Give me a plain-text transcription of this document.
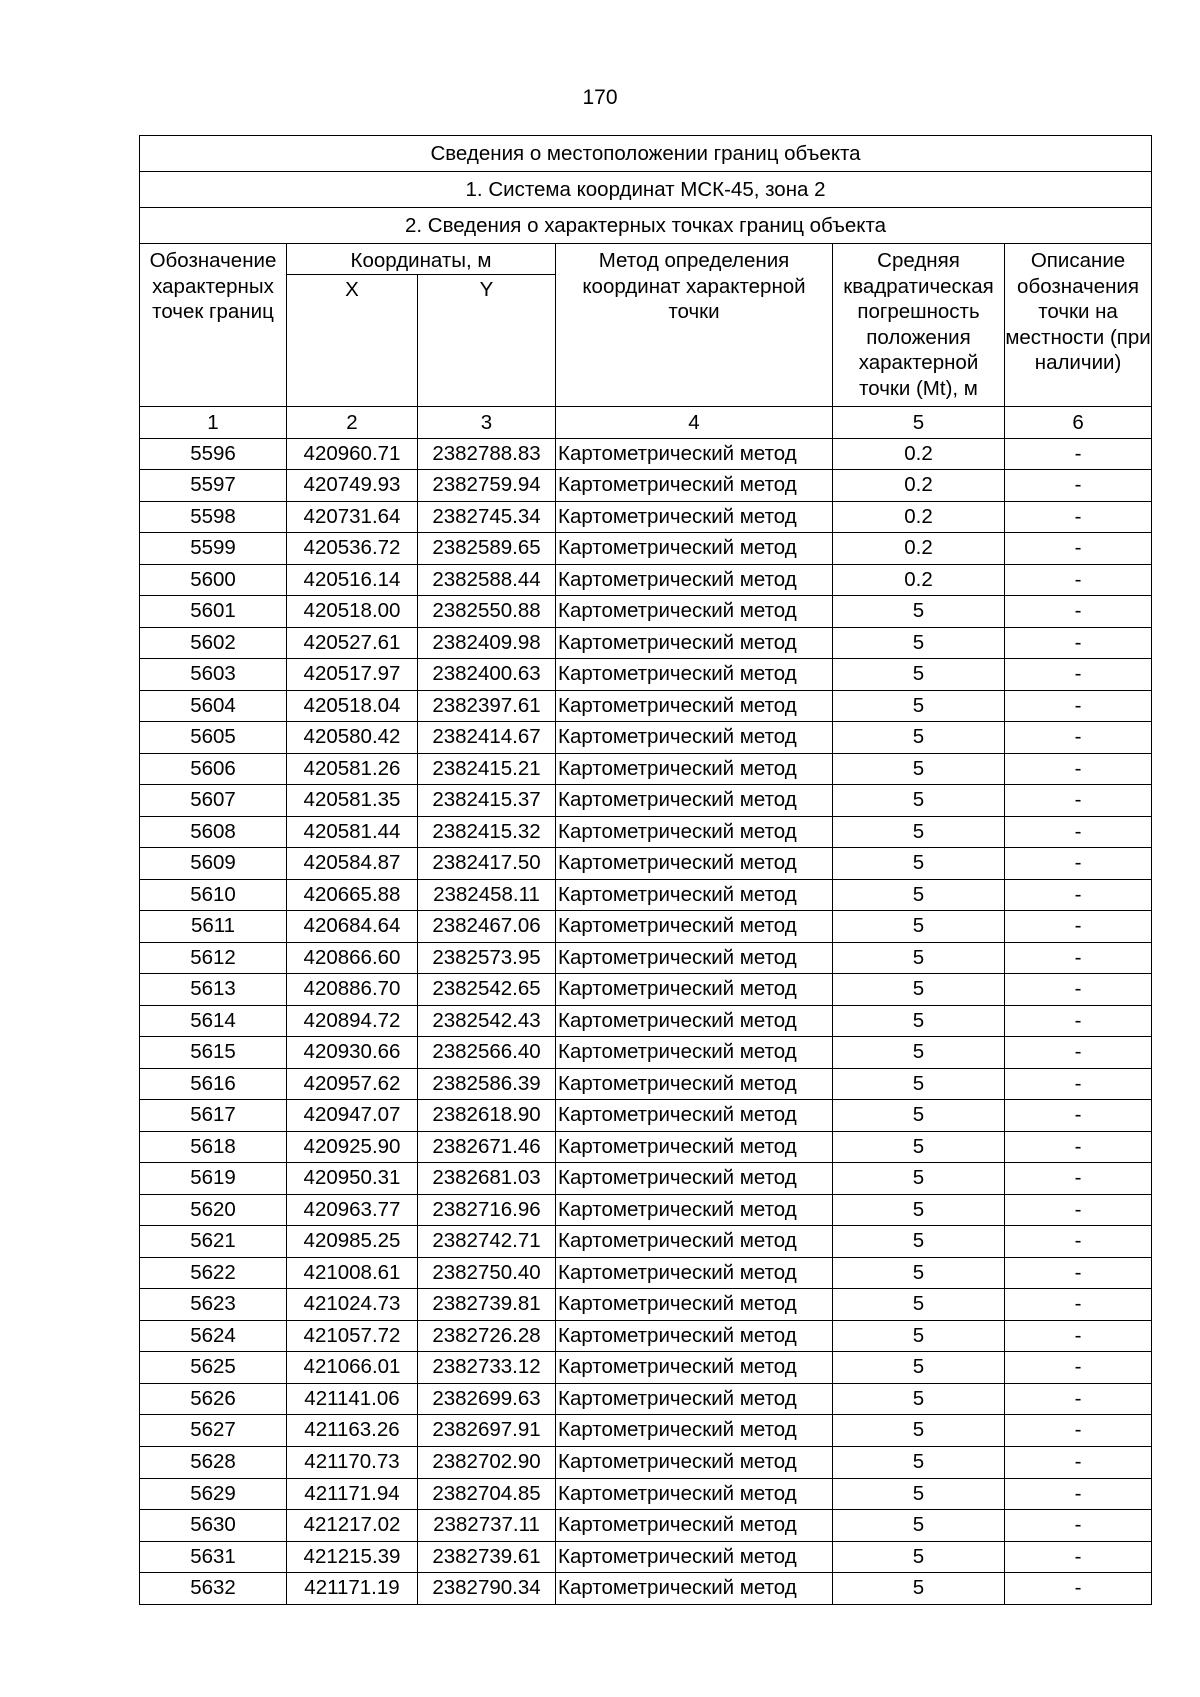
170
Сведения о местоположении границ объекта					
1. Система координат МСК-45, зона 2					
2. Сведения о характерных точках границ объекта					
Обозначение характерных точек границ	Координаты, м		Метод определения координат характерной точки	Средняя квадратическая погрешность положения характерной точки (Mt), м	Описание обозначения точки на местности (при наличии)
	X	Y			
1	2	3	4	5	6
5596	420960.71	2382788.83	Картометрический метод	0.2	-
5597	420749.93	2382759.94	Картометрический метод	0.2	-
5598	420731.64	2382745.34	Картометрический метод	0.2	-
5599	420536.72	2382589.65	Картометрический метод	0.2	-
5600	420516.14	2382588.44	Картометрический метод	0.2	-
5601	420518.00	2382550.88	Картометрический метод	5	-
5602	420527.61	2382409.98	Картометрический метод	5	-
5603	420517.97	2382400.63	Картометрический метод	5	-
5604	420518.04	2382397.61	Картометрический метод	5	-
5605	420580.42	2382414.67	Картометрический метод	5	-
5606	420581.26	2382415.21	Картометрический метод	5	-
5607	420581.35	2382415.37	Картометрический метод	5	-
5608	420581.44	2382415.32	Картометрический метод	5	-
5609	420584.87	2382417.50	Картометрический метод	5	-
5610	420665.88	2382458.11	Картометрический метод	5	-
5611	420684.64	2382467.06	Картометрический метод	5	-
5612	420866.60	2382573.95	Картометрический метод	5	-
5613	420886.70	2382542.65	Картометрический метод	5	-
5614	420894.72	2382542.43	Картометрический метод	5	-
5615	420930.66	2382566.40	Картометрический метод	5	-
5616	420957.62	2382586.39	Картометрический метод	5	-
5617	420947.07	2382618.90	Картометрический метод	5	-
5618	420925.90	2382671.46	Картометрический метод	5	-
5619	420950.31	2382681.03	Картометрический метод	5	-
5620	420963.77	2382716.96	Картометрический метод	5	-
5621	420985.25	2382742.71	Картометрический метод	5	-
5622	421008.61	2382750.40	Картометрический метод	5	-
5623	421024.73	2382739.81	Картометрический метод	5	-
5624	421057.72	2382726.28	Картометрический метод	5	-
5625	421066.01	2382733.12	Картометрический метод	5	-
5626	421141.06	2382699.63	Картометрический метод	5	-
5627	421163.26	2382697.91	Картометрический метод	5	-
5628	421170.73	2382702.90	Картометрический метод	5	-
5629	421171.94	2382704.85	Картометрический метод	5	-
5630	421217.02	2382737.11	Картометрический метод	5	-
5631	421215.39	2382739.61	Картометрический метод	5	-
5632	421171.19	2382790.34	Картометрический метод	5	-
